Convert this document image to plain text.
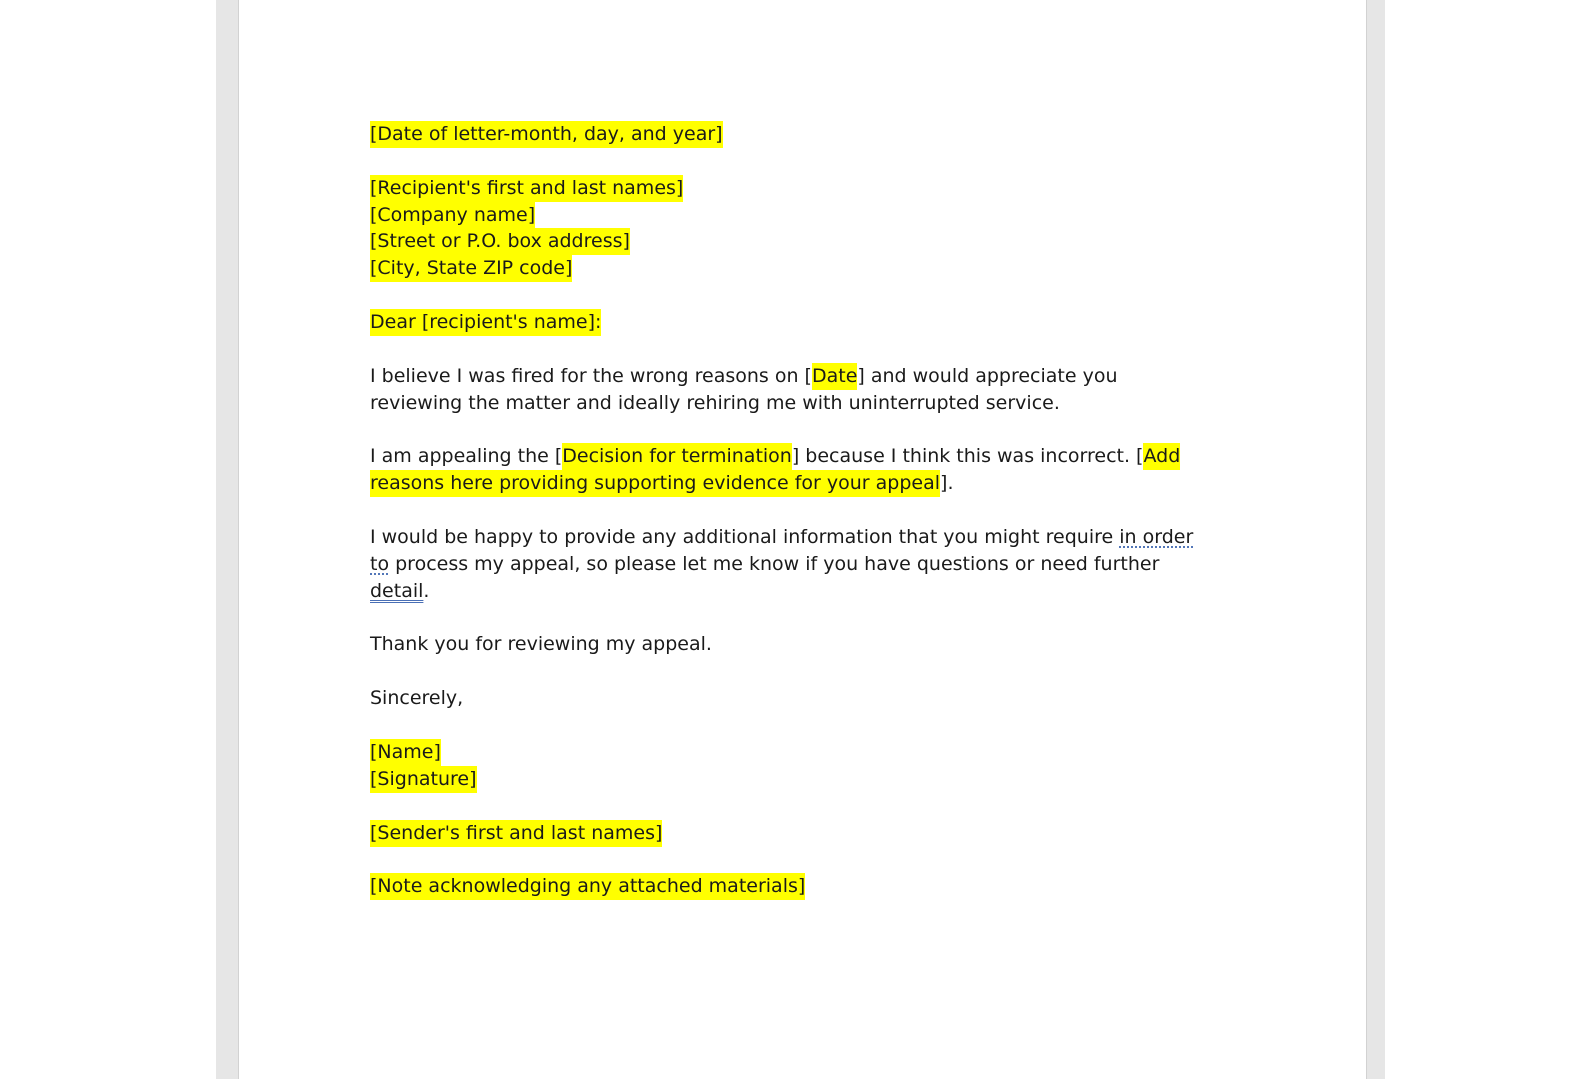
[Date of letter-month, day, and year]
[Recipient's first and last names]
[Company name]
[Street or P.O. box address]
[City, State ZIP code]
Dear [recipient's name]:
I believe I was fired for the wrong reasons on [Date] and would appreciate you reviewing the matter and ideally rehiring me with uninterrupted service.
I am appealing the [Decision for termination] because I think this was incorrect. [Add reasons here providing supporting evidence for your appeal].
I would be happy to provide any additional information that you might require in order to process my appeal, so please let me know if you have questions or need further detail.
Thank you for reviewing my appeal.
Sincerely,
[Name]
[Signature]
[Sender's first and last names]
[Note acknowledging any attached materials]
